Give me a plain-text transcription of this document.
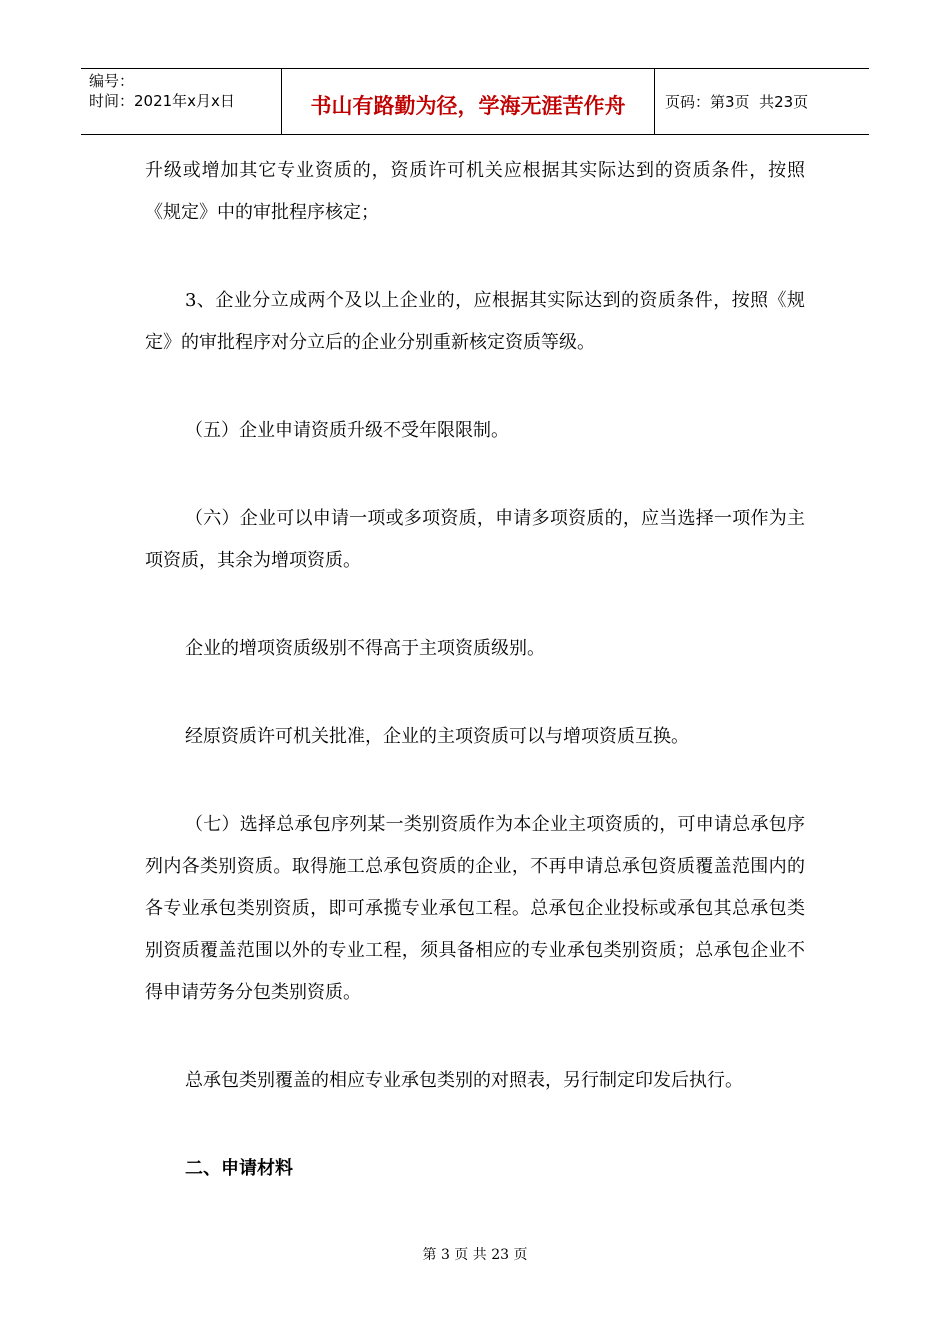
编号：
时间：2021年x月x日	书山有路勤为径，学海无涯苦作舟	页码：第3页  共23页

升级或增加其它专业资质的，资质许可机关应根据其实际达到的资质条件，按照《规定》中的审批程序核定；

3、企业分立成两个及以上企业的，应根据其实际达到的资质条件，按照《规定》的审批程序对分立后的企业分别重新核定资质等级。

（五）企业申请资质升级不受年限限制。

（六）企业可以申请一项或多项资质，申请多项资质的，应当选择一项作为主项资质，其余为增项资质。

企业的增项资质级别不得高于主项资质级别。

经原资质许可机关批准，企业的主项资质可以与增项资质互换。

（七）选择总承包序列某一类别资质作为本企业主项资质的，可申请总承包序列内各类别资质。取得施工总承包资质的企业，不再申请总承包资质覆盖范围内的各专业承包类别资质，即可承揽专业承包工程。总承包企业投标或承包其总承包类别资质覆盖范围以外的专业工程，须具备相应的专业承包类别资质；总承包企业不得申请劳务分包类别资质。

总承包类别覆盖的相应专业承包类别的对照表，另行制定印发后执行。

二、申请材料

第 3 页 共 23 页
